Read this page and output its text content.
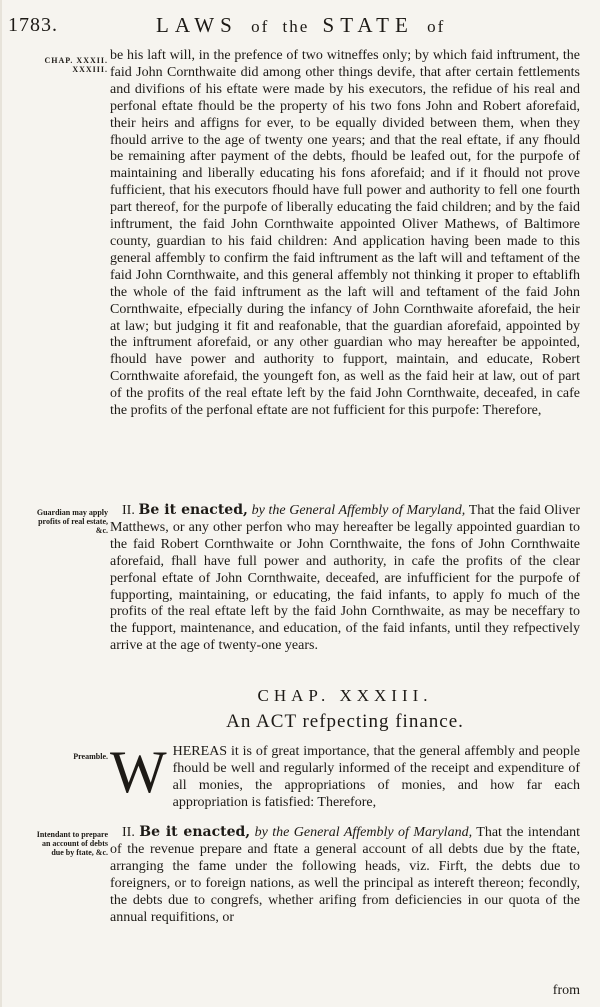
1783.	LAWS of the STATE of
CHAP. XXXII. XXXIII.

be his laft will, in the prefence of two witneffes only; by which faid inftrument, the faid John Cornthwaite did among other things devife, that after certain fettlements and divifions of his eftate were made by his executors, the refidue of his real and perfonal eftate fhould be the property of his two fons John and Robert aforefaid, their heirs and affigns for ever, to be equally divided between them, when they fhould arrive to the age of twenty one years; and that the real eftate, if any fhould be remaining after payment of the debts, fhould be leafed out, for the purpofe of maintaining and liberally educating his fons aforefaid; and if it fhould not prove fufficient, that his executors fhould have full power and authority to fell one fourth part thereof, for the purpofe of liberally educating the faid children; and by the faid inftrument, the faid John Cornthwaite appointed Oliver Mathews, of Baltimore county, guardian to his faid children: And application having been made to this general affembly to confirm the faid inftrument as the laft will and teftament of the faid John Cornthwaite, and this general affembly not thinking it proper to eftablifh the whole of the faid inftrument as the laft will and teftament of the faid John Cornthwaite, efpecially during the infancy of John Cornthwaite aforefaid, the heir at law; but judging it fit and reafonable, that the guardian aforefaid, appointed by the inftrument aforefaid, or any other guardian who may hereafter be appointed, fhould have power and authority to fupport, maintain, and educate, Robert Cornthwaite aforefaid, the youngeft fon, as well as the faid heir at law, out of part of the profits of the real eftate left by the faid John Cornthwaite, deceafed, in cafe the profits of the perfonal eftate are not fufficient for this purpofe: Therefore,

Guardian may apply profits of real estate, &c.

II. Be it enacted, by the General Affembly of Maryland, That the faid Oliver Matthews, or any other perfon who may hereafter be legally appointed guardian to the faid Robert Cornthwaite or John Cornthwaite, the fons of John Cornthwaite aforefaid, fhall have full power and authority, in cafe the profits of the clear perfonal eftate of John Cornthwaite, deceafed, are infufficient for the purpofe of fupporting, maintaining, or educating, the faid infants, to apply fo much of the profits of the real eftate left by the faid John Cornthwaite, as may be neceffary to the fupport, maintenance, and education, of the faid infants, until they refpectively arrive at the age of twenty-one years.

CHAP. XXXIII.
An ACT refpecting finance.
Preamble. W HEREAS it is of great importance, that the general affembly and people fhould be well and regularly informed of the receipt and expenditure of all monies, the appropriations of monies, and how far each appropriation is fatisfied: Therefore,

Intendant to prepare an account of debts due by ftate, &c.

II. Be it enacted, by the General Affembly of Maryland, That the intendant of the revenue prepare and ftate a general account of all debts due by the ftate, arranging the fame under the following heads, viz. Firft, the debts due to foreigners, or to foreign nations, as well the principal as intereft thereon; fecondly, the debts due to congrefs, whether arifing from deficiencies in our quota of the annual requifitions, or

from
